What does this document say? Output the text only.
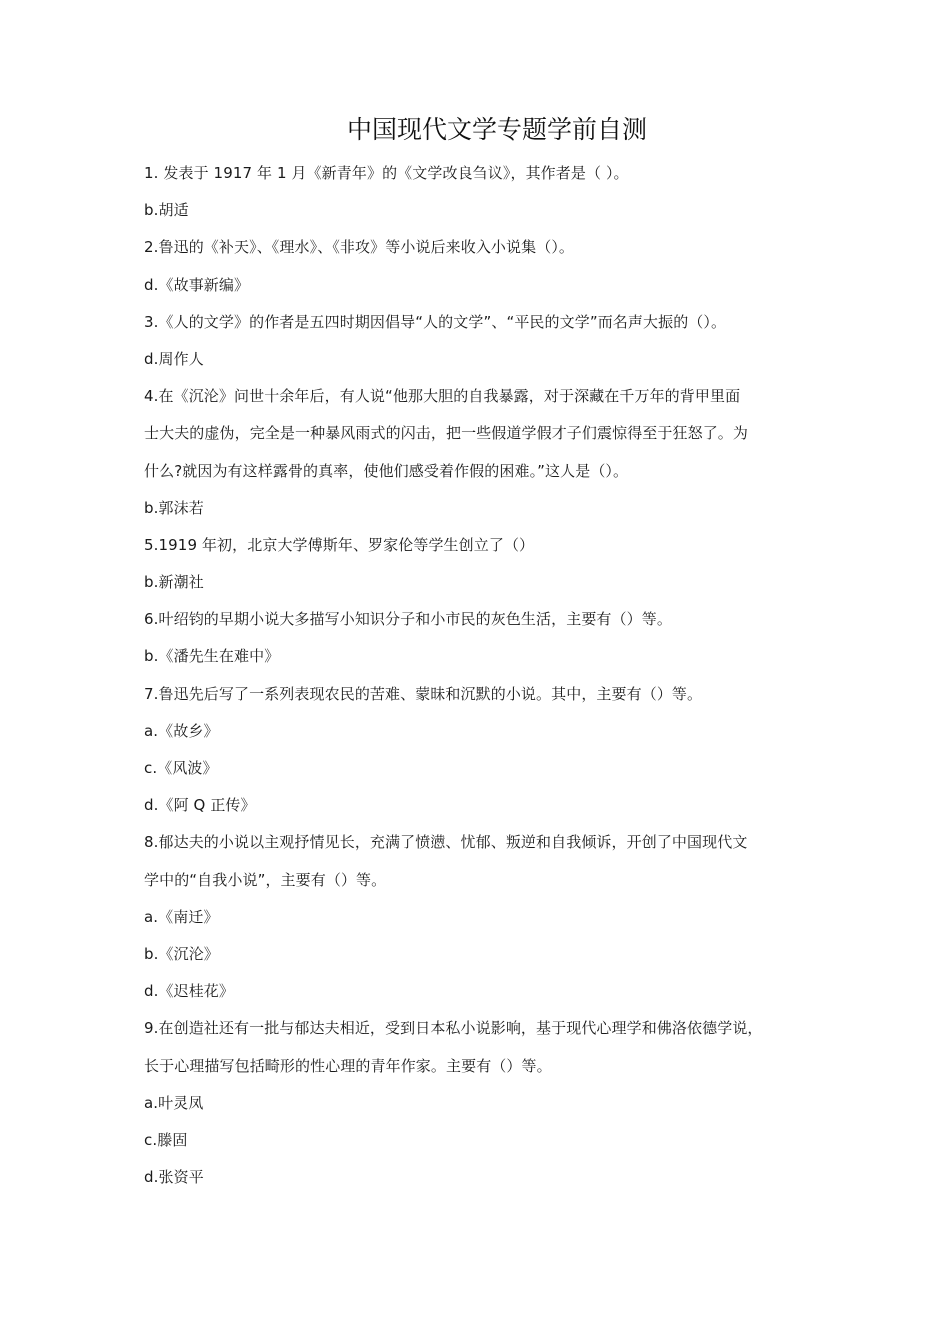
中国现代文学专题学前自测
1. 发表于 1917 年 1 月《新青年》的《文学改良刍议》，其作者是（ ）。
b.胡适
2.鲁迅的《补天》、《理水》、《非攻》等小说后来收入小说集（）。
d.《故事新编》
3.《人的文学》的作者是五四时期因倡导“人的文学”、“平民的文学”而名声大振的（）。
d.周作人
4.在《沉沦》问世十余年后，有人说“他那大胆的自我暴露，对于深藏在千万年的背甲里面
士大夫的虚伪，完全是一种暴风雨式的闪击，把一些假道学假才子们震惊得至于狂怒了。为
什么?就因为有这样露骨的真率，使他们感受着作假的困难。”这人是（）。
b.郭沫若
5.1919 年初，北京大学傅斯年、罗家伦等学生创立了（）
b.新潮社
6.叶绍钧的早期小说大多描写小知识分子和小市民的灰色生活，主要有（）等。
b.《潘先生在难中》
7.鲁迅先后写了一系列表现农民的苦难、蒙昧和沉默的小说。其中，主要有（）等。
a.《故乡》
c.《风波》
d.《阿 Q 正传》
8.郁达夫的小说以主观抒情见长，充满了愤懑、忧郁、叛逆和自我倾诉，开创了中国现代文
学中的“自我小说”，主要有（）等。
a.《南迁》
b.《沉沦》
d.《迟桂花》
9.在创造社还有一批与郁达夫相近，受到日本私小说影响，基于现代心理学和佛洛依德学说，
长于心理描写包括畸形的性心理的青年作家。主要有（）等。
a.叶灵凤
c.滕固
d.张资平
